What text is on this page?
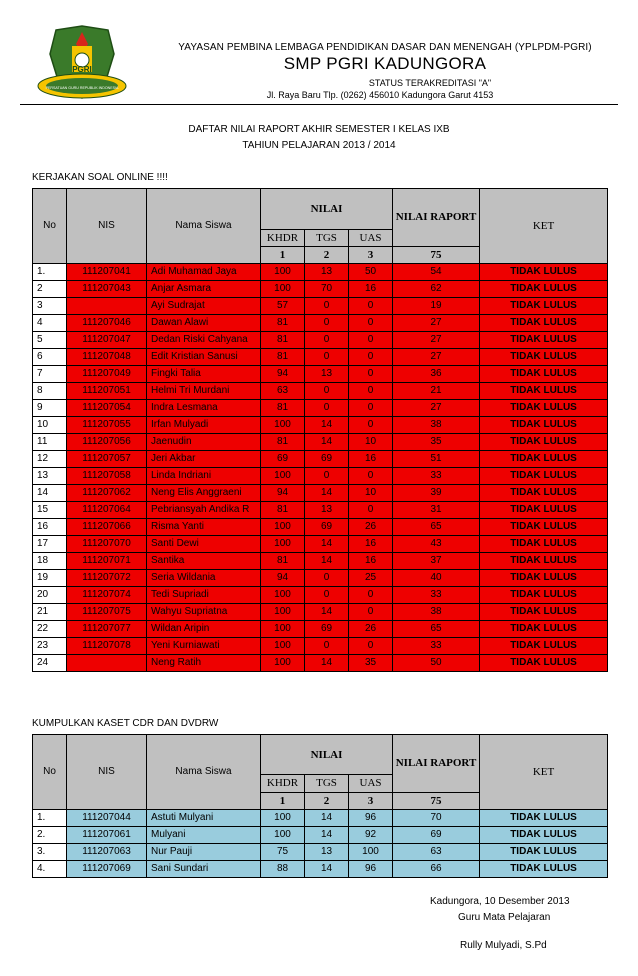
PGRI
PERSATUAN GURU REPUBLIK INDONESIA
YAYASAN PEMBINA LEMBAGA PENDIDIKAN DASAR DAN MENENGAH (YPLPDM-PGRI)
SMP PGRI KADUNGORA
STATUS TERAKREDITASI "A"
Jl. Raya Baru Tlp. (0262) 456010 Kadungora Garut 4153
DAFTAR NILAI RAPORT AKHIR SEMESTER I KELAS IXB
TAHIUN PELAJARAN 2013 / 2014
KERJAKAN SOAL ONLINE !!!!
No	NIS	Nama Siswa	NILAI			NILAI RAPORT	KET
			KHDR	TGS	UAS		
			1	2	3	75	
1.	111207041	Adi Muhamad Jaya	100	13	50	54	TIDAK LULUS
2	111207043	Anjar Asmara	100	70	16	62	TIDAK LULUS
3		Ayi Sudrajat	57	0	0	19	TIDAK LULUS
4	111207046	Dawan Alawi	81	0	0	27	TIDAK LULUS
5	111207047	Dedan Riski Cahyana	81	0	0	27	TIDAK LULUS
6	111207048	Edit Kristian Sanusi	81	0	0	27	TIDAK LULUS
7	111207049	Fingki Talia	94	13	0	36	TIDAK LULUS
8	111207051	Helmi Tri Murdani	63	0	0	21	TIDAK LULUS
9	111207054	Indra Lesmana	81	0	0	27	TIDAK LULUS
10	111207055	Irfan Mulyadi	100	14	0	38	TIDAK LULUS
11	111207056	Jaenudin	81	14	10	35	TIDAK LULUS
12	111207057	Jeri Akbar	69	69	16	51	TIDAK LULUS
13	111207058	Linda Indriani	100	0	0	33	TIDAK LULUS
14	111207062	Neng Elis Anggraeni	94	14	10	39	TIDAK LULUS
15	111207064	Pebriansyah Andika R	81	13	0	31	TIDAK LULUS
16	111207066	Risma Yanti	100	69	26	65	TIDAK LULUS
17	111207070	Santi Dewi	100	14	16	43	TIDAK LULUS
18	111207071	Santika	81	14	16	37	TIDAK LULUS
19	111207072	Seria Wildania	94	0	25	40	TIDAK LULUS
20	111207074	Tedi Supriadi	100	0	0	33	TIDAK LULUS
21	111207075	Wahyu Supriatna	100	14	0	38	TIDAK LULUS
22	111207077	Wildan Aripin	100	69	26	65	TIDAK LULUS
23	111207078	Yeni Kurniawati	100	0	0	33	TIDAK LULUS
24		Neng Ratih	100	14	35	50	TIDAK LULUS
KUMPULKAN KASET CDR DAN DVDRW
No	NIS	Nama Siswa	NILAI			NILAI RAPORT	KET
			KHDR	TGS	UAS		
			1	2	3	75	
1.	111207044	Astuti Mulyani	100	14	96	70	TIDAK LULUS
2.	111207061	Mulyani	100	14	92	69	TIDAK LULUS
3.	111207063	Nur Pauji	75	13	100	63	TIDAK LULUS
4.	111207069	Sani Sundari	88	14	96	66	TIDAK LULUS
Kadungora, 10 Desember 2013
Guru Mata Pelajaran
Rully Mulyadi, S.Pd
